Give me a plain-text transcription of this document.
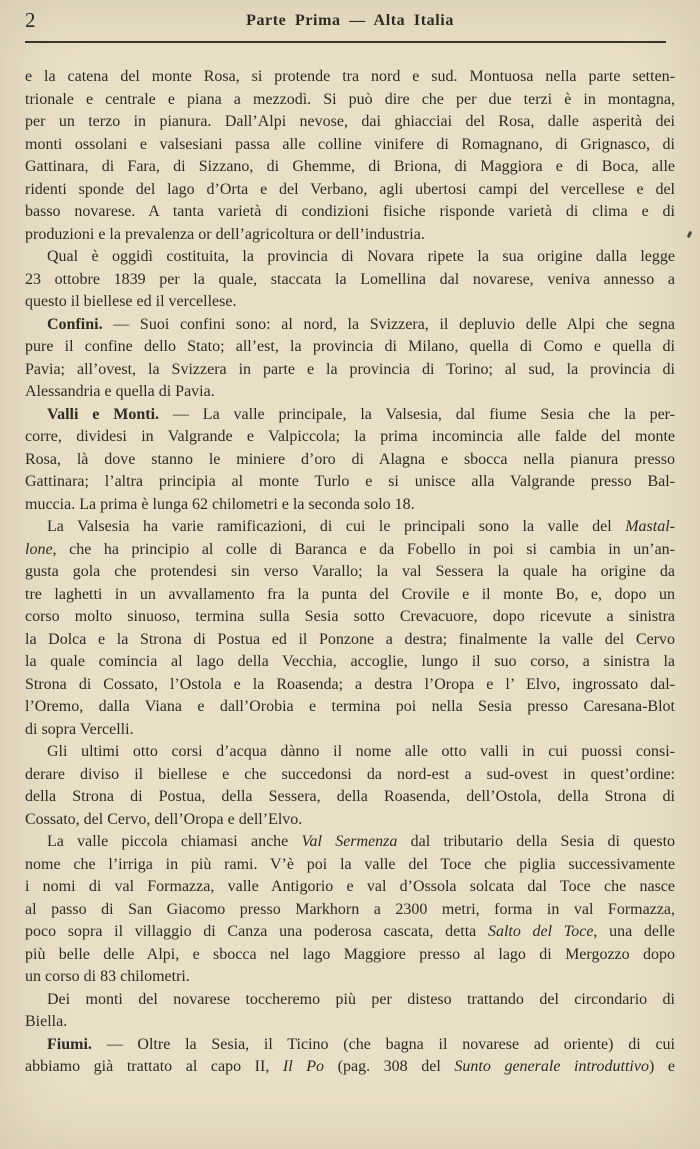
2	Parte Prima — Alta Italia
e la catena del monte Rosa, si protende tra nord e sud. Montuosa nella parte setten-
trionale e centrale e piana a mezzodì. Si può dire che per due terzi è in montagna,
per un terzo in pianura. Dall’Alpi nevose, dai ghiacciai del Rosa, dalle asperità dei
monti ossolani e valsesiani passa alle colline vinifere di Romagnano, di Grignasco, di
Gattinara, di Fara, di Sizzano, di Ghemme, di Briona, di Maggiora e di Boca, alle
ridenti sponde del lago d’Orta e del Verbano, agli ubertosi campi del vercellese e del
basso novarese. A tanta varietà di condizioni fisiche risponde varietà di clima e di
produzioni e la prevalenza or dell’agricoltura or dell’industria.
Qual è oggidì costituita, la provincia di Novara ripete la sua origine dalla legge
23 ottobre 1839 per la quale, staccata la Lomellina dal novarese, veniva annesso a
questo il biellese ed il vercellese.
Confini. — Suoi confini sono: al nord, la Svizzera, il depluvio delle Alpi che segna
pure il confine dello Stato; all’est, la provincia di Milano, quella di Como e quella di
Pavia; all’ovest, la Svizzera in parte e la provincia di Torino; al sud, la provincia di
Alessandria e quella di Pavia.
Valli e Monti. — La valle principale, la Valsesia, dal fiume Sesia che la per-
corre, dividesi in Valgrande e Valpiccola; la prima incomincia alle falde del monte
Rosa, là dove stanno le miniere d’oro di Alagna e sbocca nella pianura presso
Gattinara; l’altra principia al monte Turlo e si unisce alla Valgrande presso Bal-
muccia. La prima è lunga 62 chilometri e la seconda solo 18.
La Valsesia ha varie ramificazioni, di cui le principali sono la valle del Mastal-
lone, che ha principio al colle di Baranca e da Fobello in poi si cambia in un’an-
gusta gola che protendesi sin verso Varallo; la val Sessera la quale ha origine da
tre laghetti in un avvallamento fra la punta del Crovile e il monte Bo, e, dopo un
corso molto sinuoso, termina sulla Sesia sotto Crevacuore, dopo ricevute a sinistra
la Dolca e la Strona di Postua ed il Ponzone a destra; finalmente la valle del Cervo
la quale comincia al lago della Vecchia, accoglie, lungo il suo corso, a sinistra la
Strona di Cossato, l’Ostola e la Roasenda; a destra l’Oropa e l’ Elvo, ingrossato dal-
l’Oremo, dalla Viana e dall’Orobia e termina poi nella Sesia presso Caresana-Blot
di sopra Vercelli.
Gli ultimi otto corsi d’acqua dànno il nome alle otto valli in cui puossi consi-
derare diviso il biellese e che succedonsi da nord-est a sud-ovest in quest’ordine:
della Strona di Postua, della Sessera, della Roasenda, dell’Ostola, della Strona di
Cossato, del Cervo, dell’Oropa e dell’Elvo.
La valle piccola chiamasi anche Val Sermenza dal tributario della Sesia di questo
nome che l’irriga in più rami. V’è poi la valle del Toce che piglia successivamente
i nomi di val Formazza, valle Antigorio e val d’Ossola solcata dal Toce che nasce
al passo di San Giacomo presso Markhorn a 2300 metri, forma in val Formazza,
poco sopra il villaggio di Canza una poderosa cascata, detta Salto del Toce, una delle
più belle delle Alpi, e sbocca nel lago Maggiore presso al lago di Mergozzo dopo
un corso di 83 chilometri.
Dei monti del novarese toccheremo più per disteso trattando del circondario di
Biella.
Fiumi. — Oltre la Sesia, il Ticino (che bagna il novarese ad oriente) di cui
abbiamo già trattato al capo II, Il Po (pag. 308 del Sunto generale introduttivo) e
